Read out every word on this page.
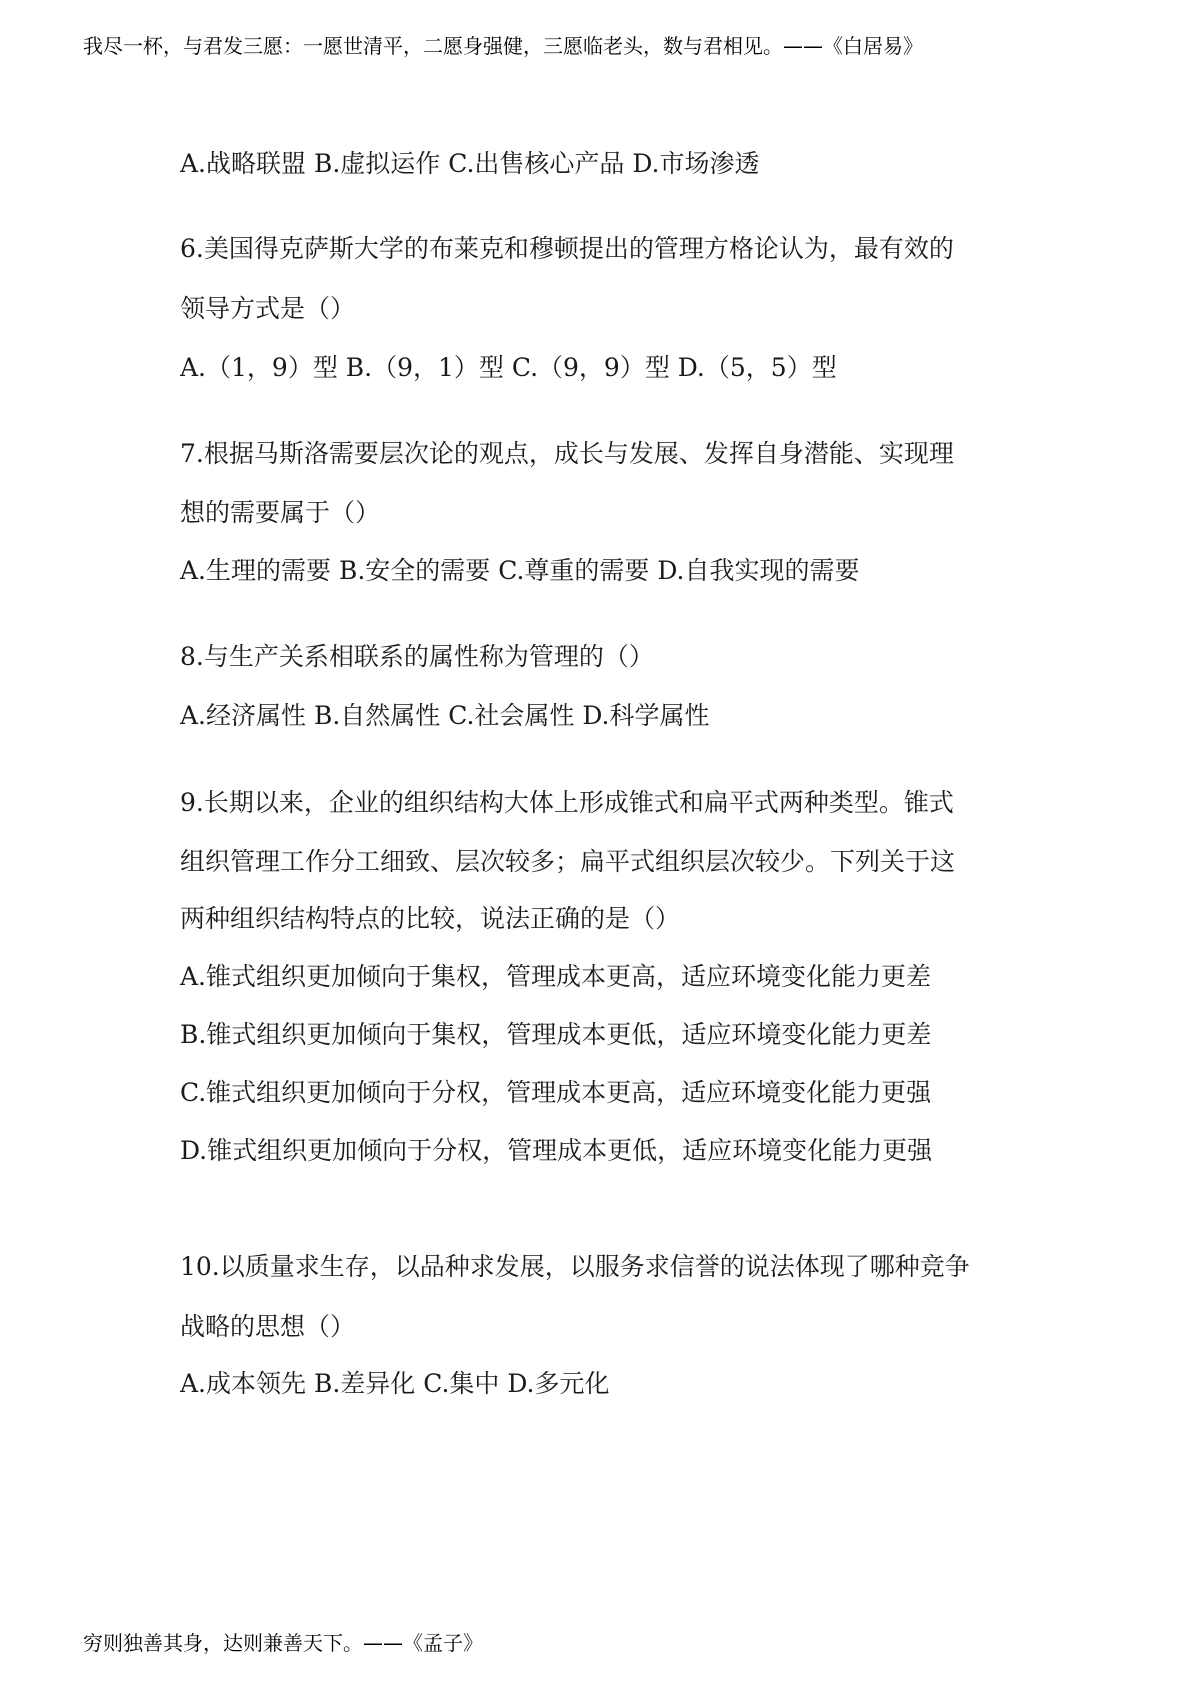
我尽一杯，与君发三愿：一愿世清平，二愿身强健，三愿临老头，数与君相见。——《白居易》
A.战略联盟 B.虚拟运作 C.出售核心产品 D.市场渗透
6.美国得克萨斯大学的布莱克和穆顿提出的管理方格论认为，最有效的
领导方式是（）
A.（1，9）型 B.（9，1）型 C.（9，9）型 D.（5，5）型
7.根据马斯洛需要层次论的观点，成长与发展、发挥自身潜能、实现理
想的需要属于（）
A.生理的需要 B.安全的需要 C.尊重的需要 D.自我实现的需要
8.与生产关系相联系的属性称为管理的（）
A.经济属性 B.自然属性 C.社会属性 D.科学属性
9.长期以来，企业的组织结构大体上形成锥式和扁平式两种类型。锥式
组织管理工作分工细致、层次较多；扁平式组织层次较少。下列关于这
两种组织结构特点的比较，说法正确的是（）
A.锥式组织更加倾向于集权，管理成本更高，适应环境变化能力更差
B.锥式组织更加倾向于集权，管理成本更低，适应环境变化能力更差
C.锥式组织更加倾向于分权，管理成本更高，适应环境变化能力更强
D.锥式组织更加倾向于分权，管理成本更低，适应环境变化能力更强
10.以质量求生存，以品种求发展，以服务求信誉的说法体现了哪种竞争
战略的思想（）
A.成本领先 B.差异化 C.集中 D.多元化
穷则独善其身，达则兼善天下。——《孟子》
